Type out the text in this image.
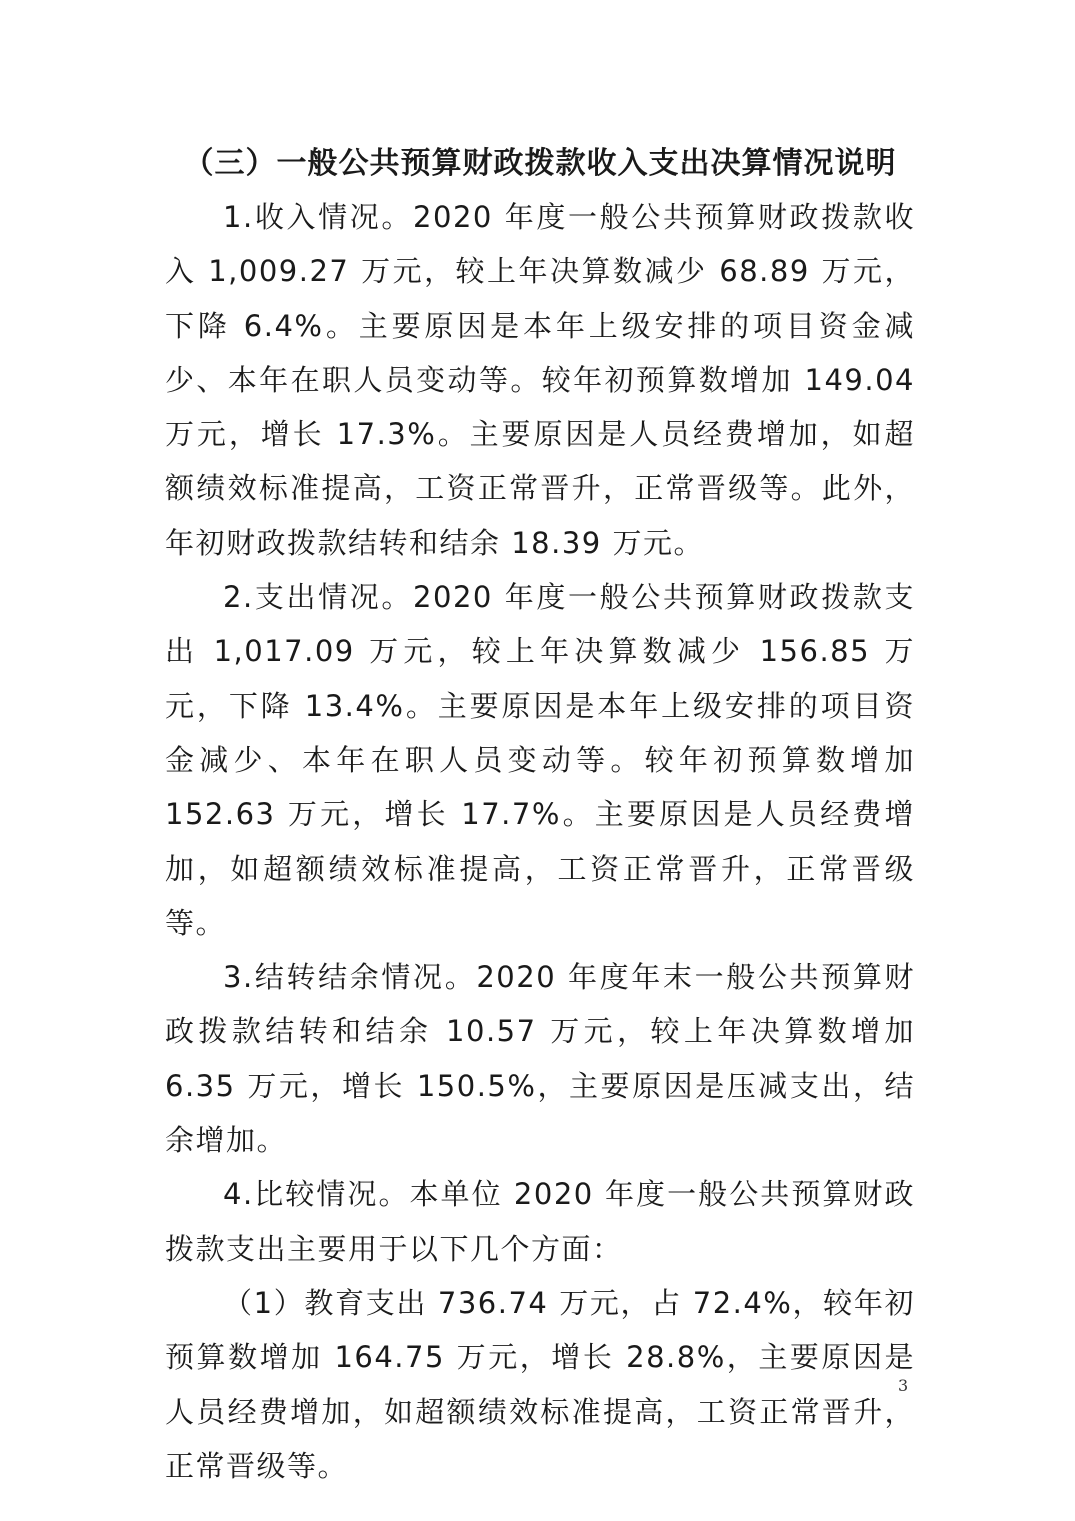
（三）一般公共预算财政拨款收入支出决算情况说明

1.收入情况。2020 年度一般公共预算财政拨款收入 1,009.27 万元，较上年决算数减少 68.89 万元，下降 6.4%。主要原因是本年上级安排的项目资金减少、本年在职人员变动等。较年初预算数增加 149.04 万元，增长 17.3%。主要原因是人员经费增加，如超额绩效标准提高，工资正常晋升，正常晋级等。此外，年初财政拨款结转和结余 18.39 万元。

2.支出情况。2020 年度一般公共预算财政拨款支出 1,017.09 万元，较上年决算数减少 156.85 万元，下降 13.4%。主要原因是本年上级安排的项目资金减少、本年在职人员变动等。较年初预算数增加 152.63 万元，增长 17.7%。主要原因是人员经费增加，如超额绩效标准提高，工资正常晋升，正常晋级等。

3.结转结余情况。2020 年度年末一般公共预算财政拨款结转和结余 10.57 万元，较上年决算数增加 6.35 万元，增长 150.5%，主要原因是压减支出，结余增加。

4.比较情况。本单位 2020 年度一般公共预算财政拨款支出主要用于以下几个方面：

（1）教育支出 736.74 万元，占 72.4%，较年初预算数增加 164.75 万元，增长 28.8%，主要原因是人员经费增加，如超额绩效标准提高，工资正常晋升，正常晋级等。

3
